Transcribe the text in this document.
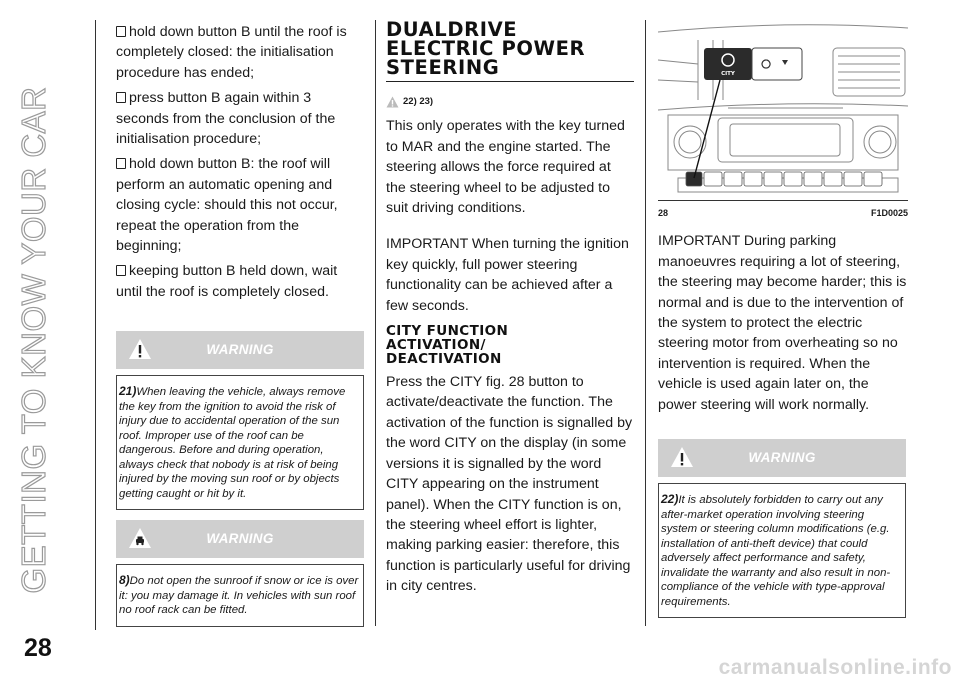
GETTING TO KNOW YOUR CAR

hold down button B until the roof is completely closed: the initialisation procedure has ended;

press button B again within 3 seconds from the conclusion of the initialisation procedure;

hold down button B: the roof will perform an automatic opening and closing cycle: should this not occur, repeat the operation from the beginning;

keeping button B held down, wait until the roof is completely closed.

WARNING
21)When leaving the vehicle, always remove the key from the ignition to avoid the risk of injury due to accidental operation of the sun roof. Improper use of the roof can be dangerous. Before and during operation, always check that nobody is at risk of being injured by the moving sun roof or by objects getting caught or hit by it.
WARNING
8)Do not open the sunroof if snow or ice is over it: you may damage it. In vehicles with sun roof no roof rack can be fitted.

DUALDRIVE
ELECTRIC POWER
STEERING

22) 23)

This only operates with the key turned to MAR and the engine started. The steering allows the force required at the steering wheel to be adjusted to suit driving conditions.

IMPORTANT When turning the ignition key quickly, full power steering functionality can be achieved after a few seconds.

CITY FUNCTION
ACTIVATION/
DEACTIVATION

Press the CITY fig. 28 button to activate/deactivate the function. The activation of the function is signalled by the word CITY on the display (in some versions it is signalled by the word CITY appearing on the instrument panel). When the CITY function is on, the steering wheel effort is lighter, making parking easier: therefore, this function is particularly useful for driving in city centres.

CITY
28	F1D0025

IMPORTANT During parking manoeuvres requiring a lot of steering, the steering may become harder; this is normal and is due to the intervention of the system to protect the electric steering motor from overheating so no intervention is required. When the vehicle is used again later on, the power steering will work normally.

WARNING
22)It is absolutely forbidden to carry out any after-market operation involving steering system or steering column modifications (e.g. installation of anti-theft device) that could adversely affect performance and safety, invalidate the warranty and also result in non-compliance of the vehicle with type-approval requirements.
28
carmanualsonline.info
